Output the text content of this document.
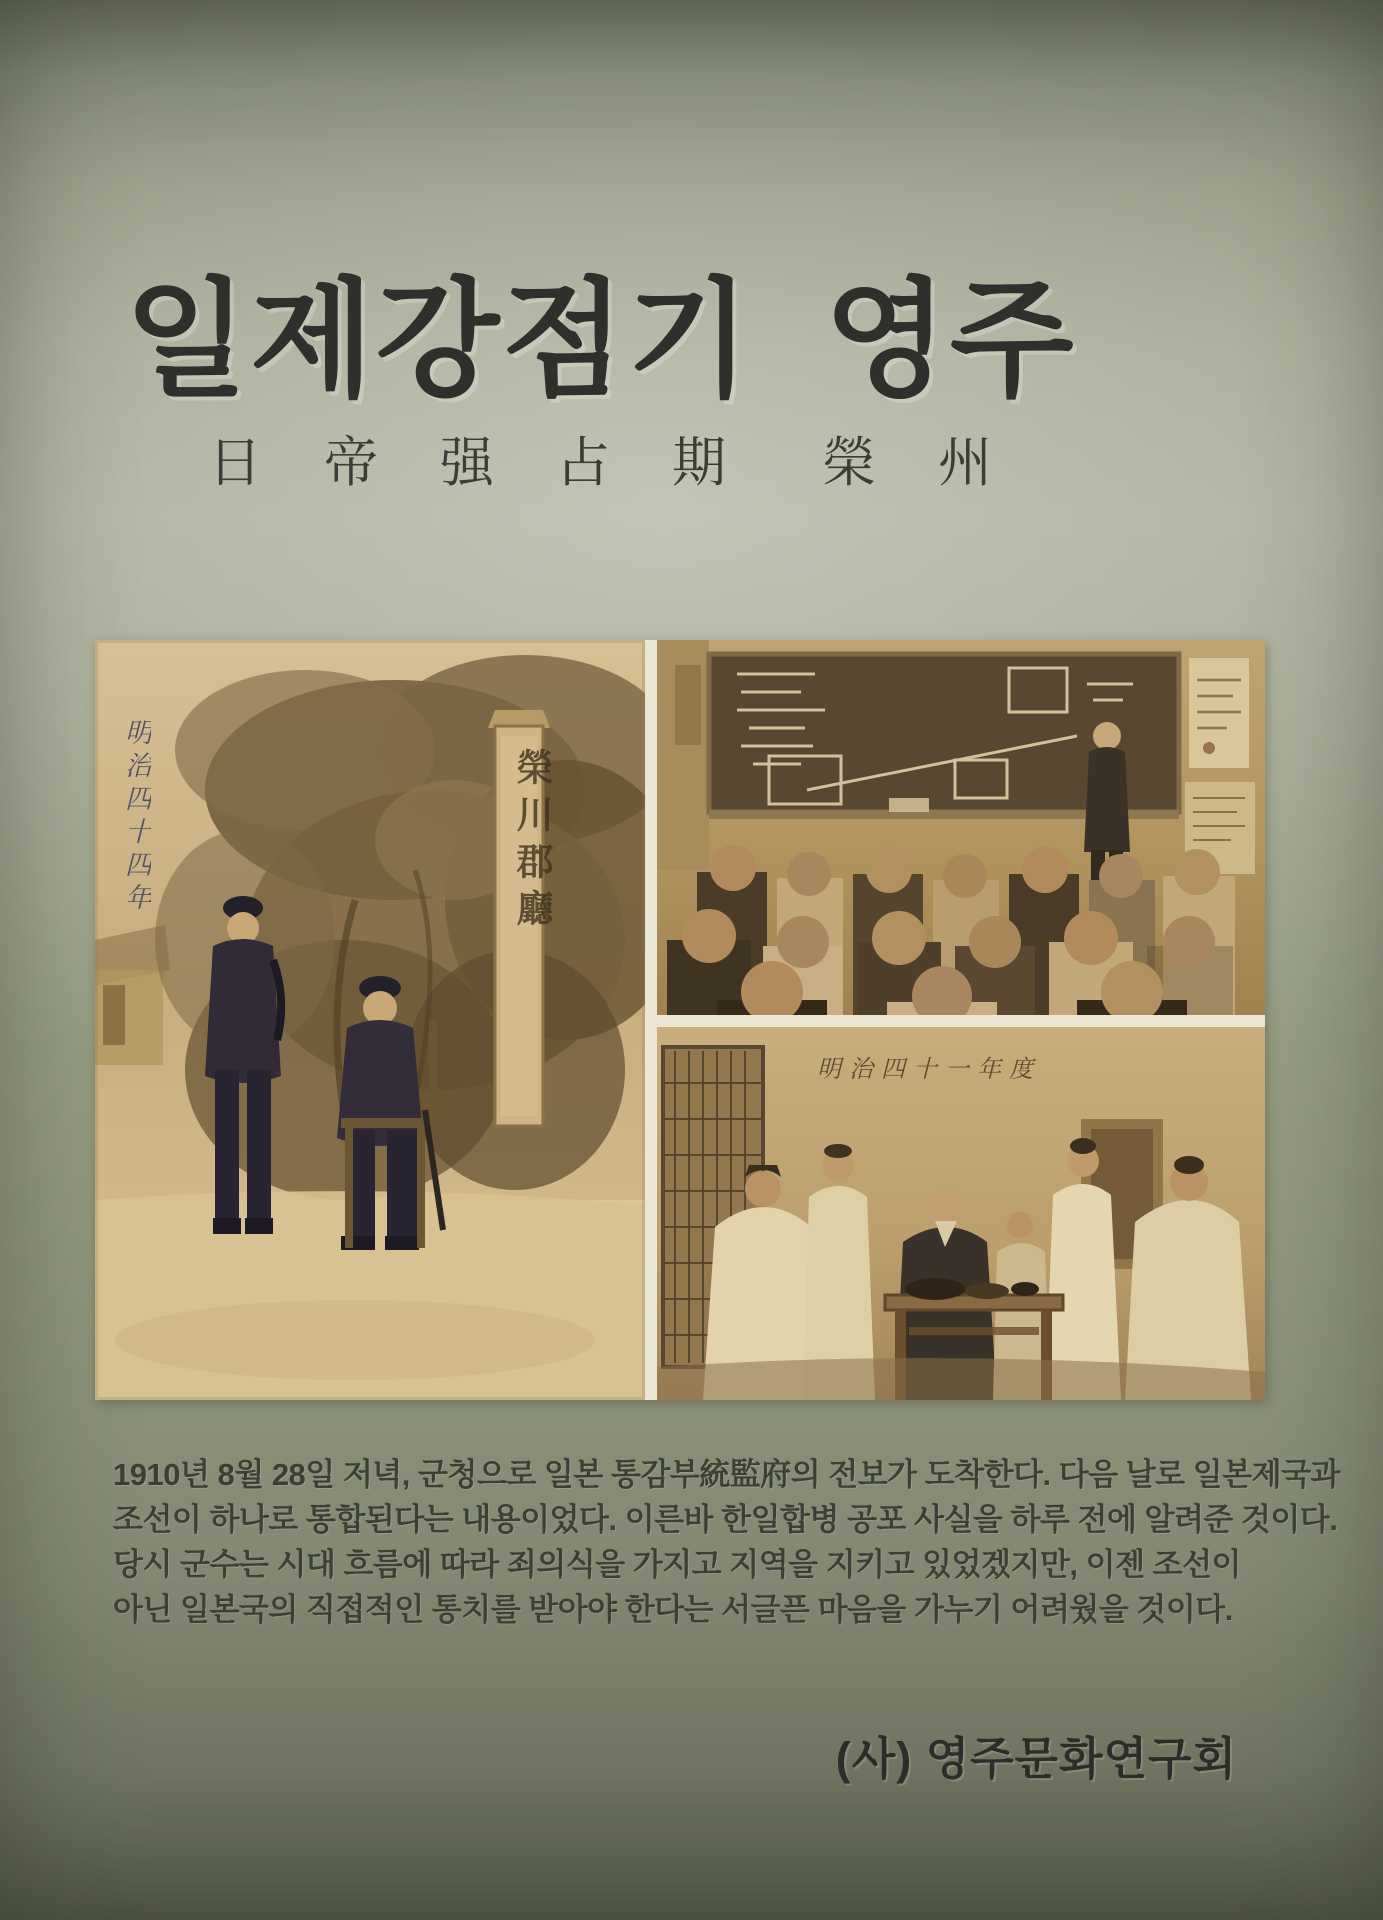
일제강점기 영주
日帝强占期 榮州
明治四十四年	榮川郡廳
明治四十一年度
1910년 8월 28일 저녁, 군청으로 일본 통감부統監府의 전보가 도착한다. 다음 날로 일본제국과
조선이 하나로 통합된다는 내용이었다. 이른바 한일합병 공포 사실을 하루 전에 알려준 것이다.
당시 군수는 시대 흐름에 따라 죄의식을 가지고 지역을 지키고 있었겠지만, 이젠 조선이
아닌 일본국의 직접적인 통치를 받아야 한다는 서글픈 마음을 가누기 어려웠을 것이다.
(사) 영주문화연구회
